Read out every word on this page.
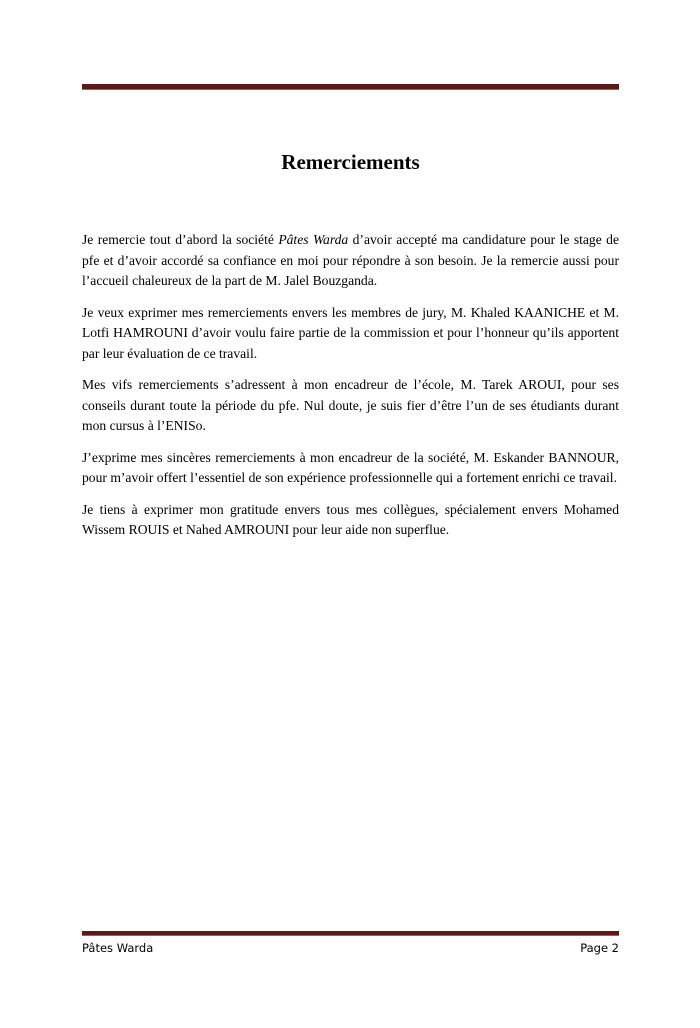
Remerciements

Je remercie tout d’abord la société Pâtes Warda d’avoir accepté ma candidature pour le stage de pfe et d’avoir accordé sa confiance en moi pour répondre à son besoin. Je la remercie aussi pour l’accueil chaleureux de la part de M. Jalel Bouzganda.

Je veux exprimer mes remerciements envers les membres de jury, M. Khaled KAANICHE et M. Lotfi HAMROUNI d’avoir voulu faire partie de la commission et pour l’honneur qu’ils apportent par leur évaluation de ce travail.

Mes vifs remerciements s’adressent à mon encadreur de l’école, M. Tarek AROUI, pour ses conseils durant toute la période du pfe. Nul doute, je suis fier d’être l’un de ses étudiants durant mon cursus à l’ENISo.

J’exprime mes sincères remerciements à mon encadreur de la société, M. Eskander BANNOUR, pour m’avoir offert l’essentiel de son expérience professionnelle qui a fortement enrichi ce travail.

Je tiens à exprimer mon gratitude envers tous mes collègues, spécialement envers Mohamed Wissem ROUIS et Nahed AMROUNI pour leur aide non superflue.

Pâtes Warda	Page 2
